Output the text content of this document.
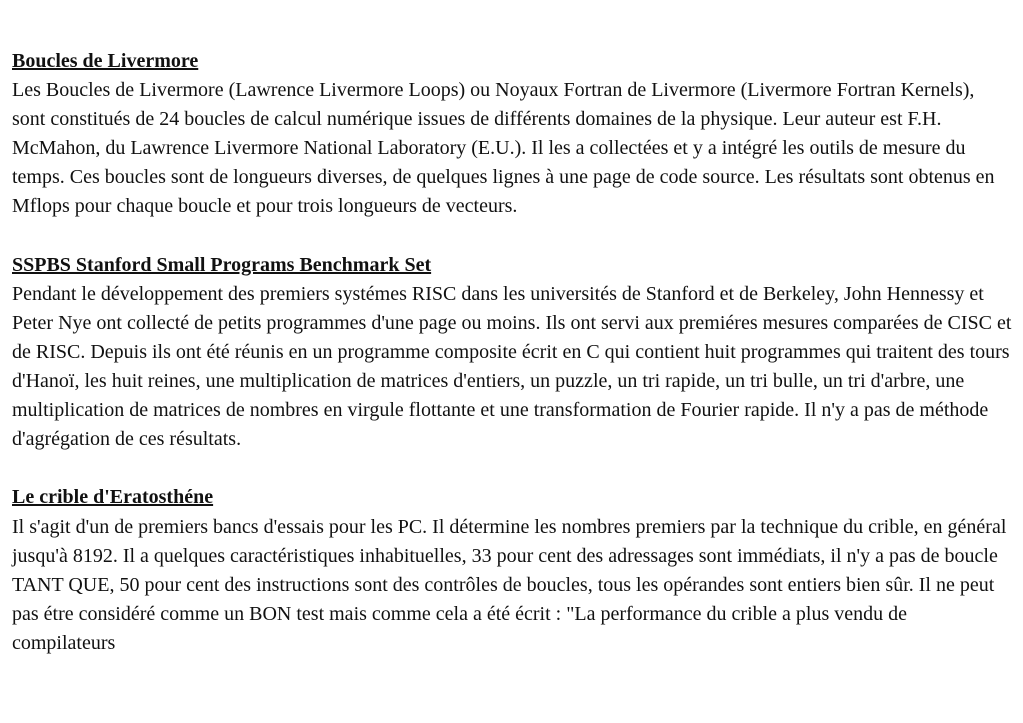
Boucles de Livermore

Les Boucles de Livermore (Lawrence Livermore Loops) ou Noyaux Fortran de Livermore (Livermore Fortran Kernels), sont constitués de 24 boucles de calcul numérique issues de différents domaines de la physique. Leur auteur est F.H. McMahon, du Lawrence Livermore National Laboratory (E.U.). Il les a collectées et y a intégré les outils de mesure du temps. Ces boucles sont de longueurs diverses, de quelques lignes à une page de code source. Les résultats sont obtenus en Mflops pour chaque boucle et pour trois longueurs de vecteurs.

SSPBS Stanford Small Programs Benchmark Set

Pendant le développement des premiers systémes RISC dans les universités de Stanford et de Berkeley, John Hennessy et Peter Nye ont collecté de petits programmes d'une page ou moins. Ils ont servi aux premiéres mesures comparées de CISC et de RISC. Depuis ils ont été réunis en un programme composite écrit en C qui contient huit programmes qui traitent des tours d'Hanoï, les huit reines, une multiplication de matrices d'entiers, un puzzle, un tri rapide, un tri bulle, un tri d'arbre, une multiplication de matrices de nombres en virgule flottante et une transformation de Fourier rapide. Il n'y a pas de méthode d'agrégation de ces résultats.

Le crible d'Eratosthéne

Il s'agit d'un de premiers bancs d'essais pour les PC. Il détermine les nombres premiers par la technique du crible, en général jusqu'à 8192. Il a quelques caractéristiques inhabituelles, 33 pour cent des adressages sont immédiats, il n'y a pas de boucle TANT QUE, 50 pour cent des instructions sont des contrôles de boucles, tous les opérandes sont entiers bien sûr. Il ne peut pas étre considéré comme un BON test mais comme cela a été écrit : "La performance du crible a plus vendu de compilateurs
